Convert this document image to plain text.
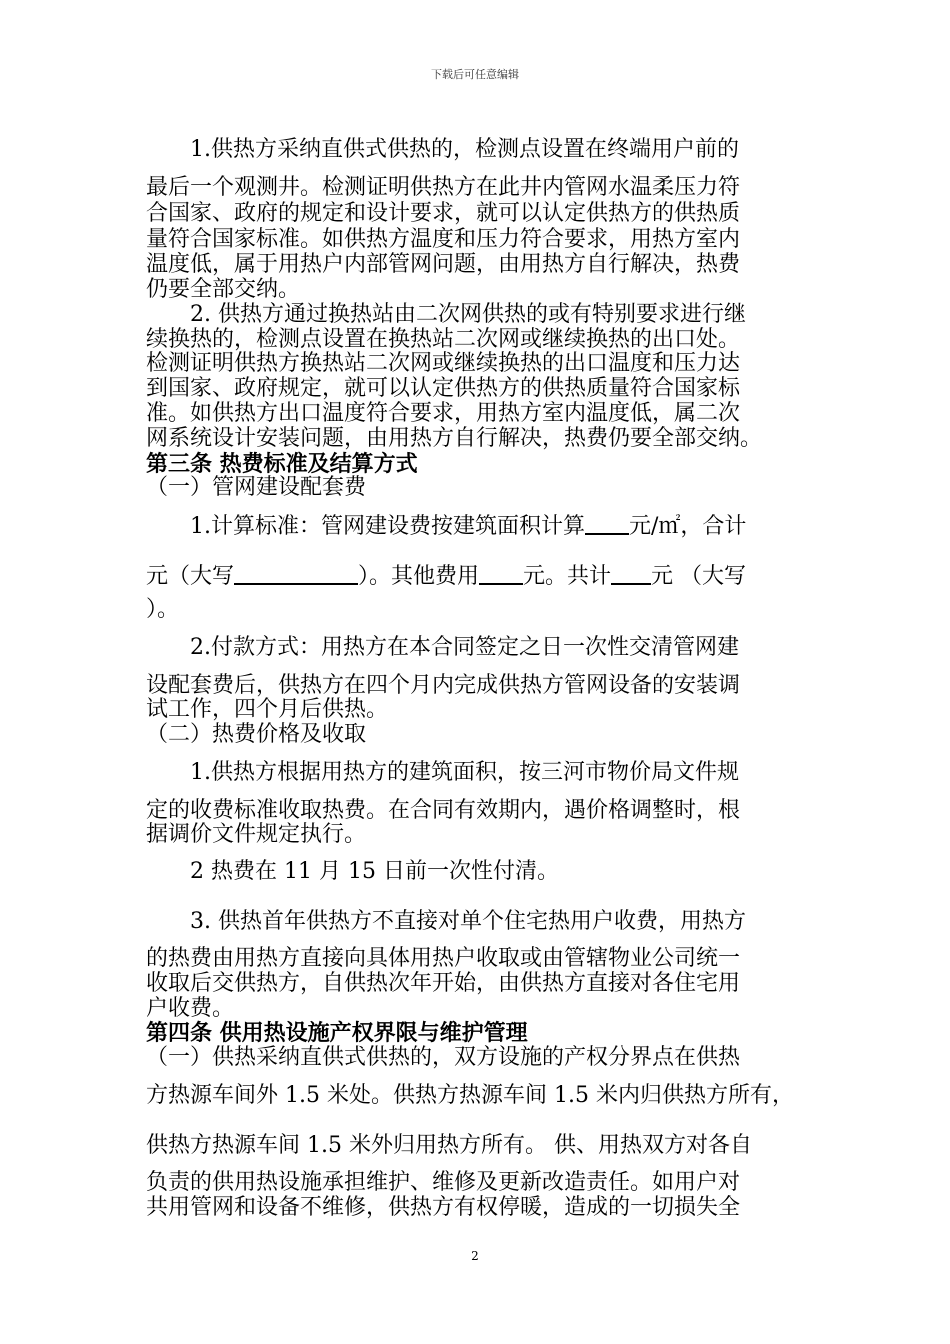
下载后可任意编辑
1.供热方采纳直供式供热的，检测点设置在终端用户前的
最后一个观测井。检测证明供热方在此井内管网水温柔压力符
合国家、政府的规定和设计要求，就可以认定供热方的供热质
量符合国家标准。如供热方温度和压力符合要求，用热方室内
温度低，属于用热户内部管网问题，由用热方自行解决，热费
仍要全部交纳。
2. 供热方通过换热站由二次网供热的或有特别要求进行继
续换热的，检测点设置在换热站二次网或继续换热的出口处。
检测证明供热方换热站二次网或继续换热的出口温度和压力达
到国家、政府规定，就可以认定供热方的供热质量符合国家标
准。如供热方出口温度符合要求，用热方室内温度低，属二次
网系统设计安装问题，由用热方自行解决，热费仍要全部交纳。
第三条 热费标准及结算方式
（一）管网建设配套费
1.计算标准：管网建设费按建筑面积计算 元/㎡，合计
元（大写	）。其他费用 元。共计 元 （大写
）。
2.付款方式：用热方在本合同签定之日一次性交清管网建
设配套费后，供热方在四个月内完成供热方管网设备的安装调
试工作，四个月后供热。
（二）热费价格及收取
1.供热方根据用热方的建筑面积，按三河市物价局文件规
定的收费标准收取热费。在合同有效期内，遇价格调整时，根
据调价文件规定执行。
2 热费在 11 月 15 日前一次性付清。
3. 供热首年供热方不直接对单个住宅热用户收费，用热方
的热费由用热方直接向具体用热户收取或由管辖物业公司统一
收取后交供热方，自供热次年开始，由供热方直接对各住宅用
户收费。
第四条 供用热设施产权界限与维护管理
（一）供热采纳直供式供热的，双方设施的产权分界点在供热
方热源车间外 1.5 米处。供热方热源车间 1.5 米内归供热方所有，
供热方热源车间 1.5 米外归用热方所有。 供、用热双方对各自
负责的供用热设施承担维护、维修及更新改造责任。如用户对
共用管网和设备不维修，供热方有权停暖，造成的一切损失全
2
